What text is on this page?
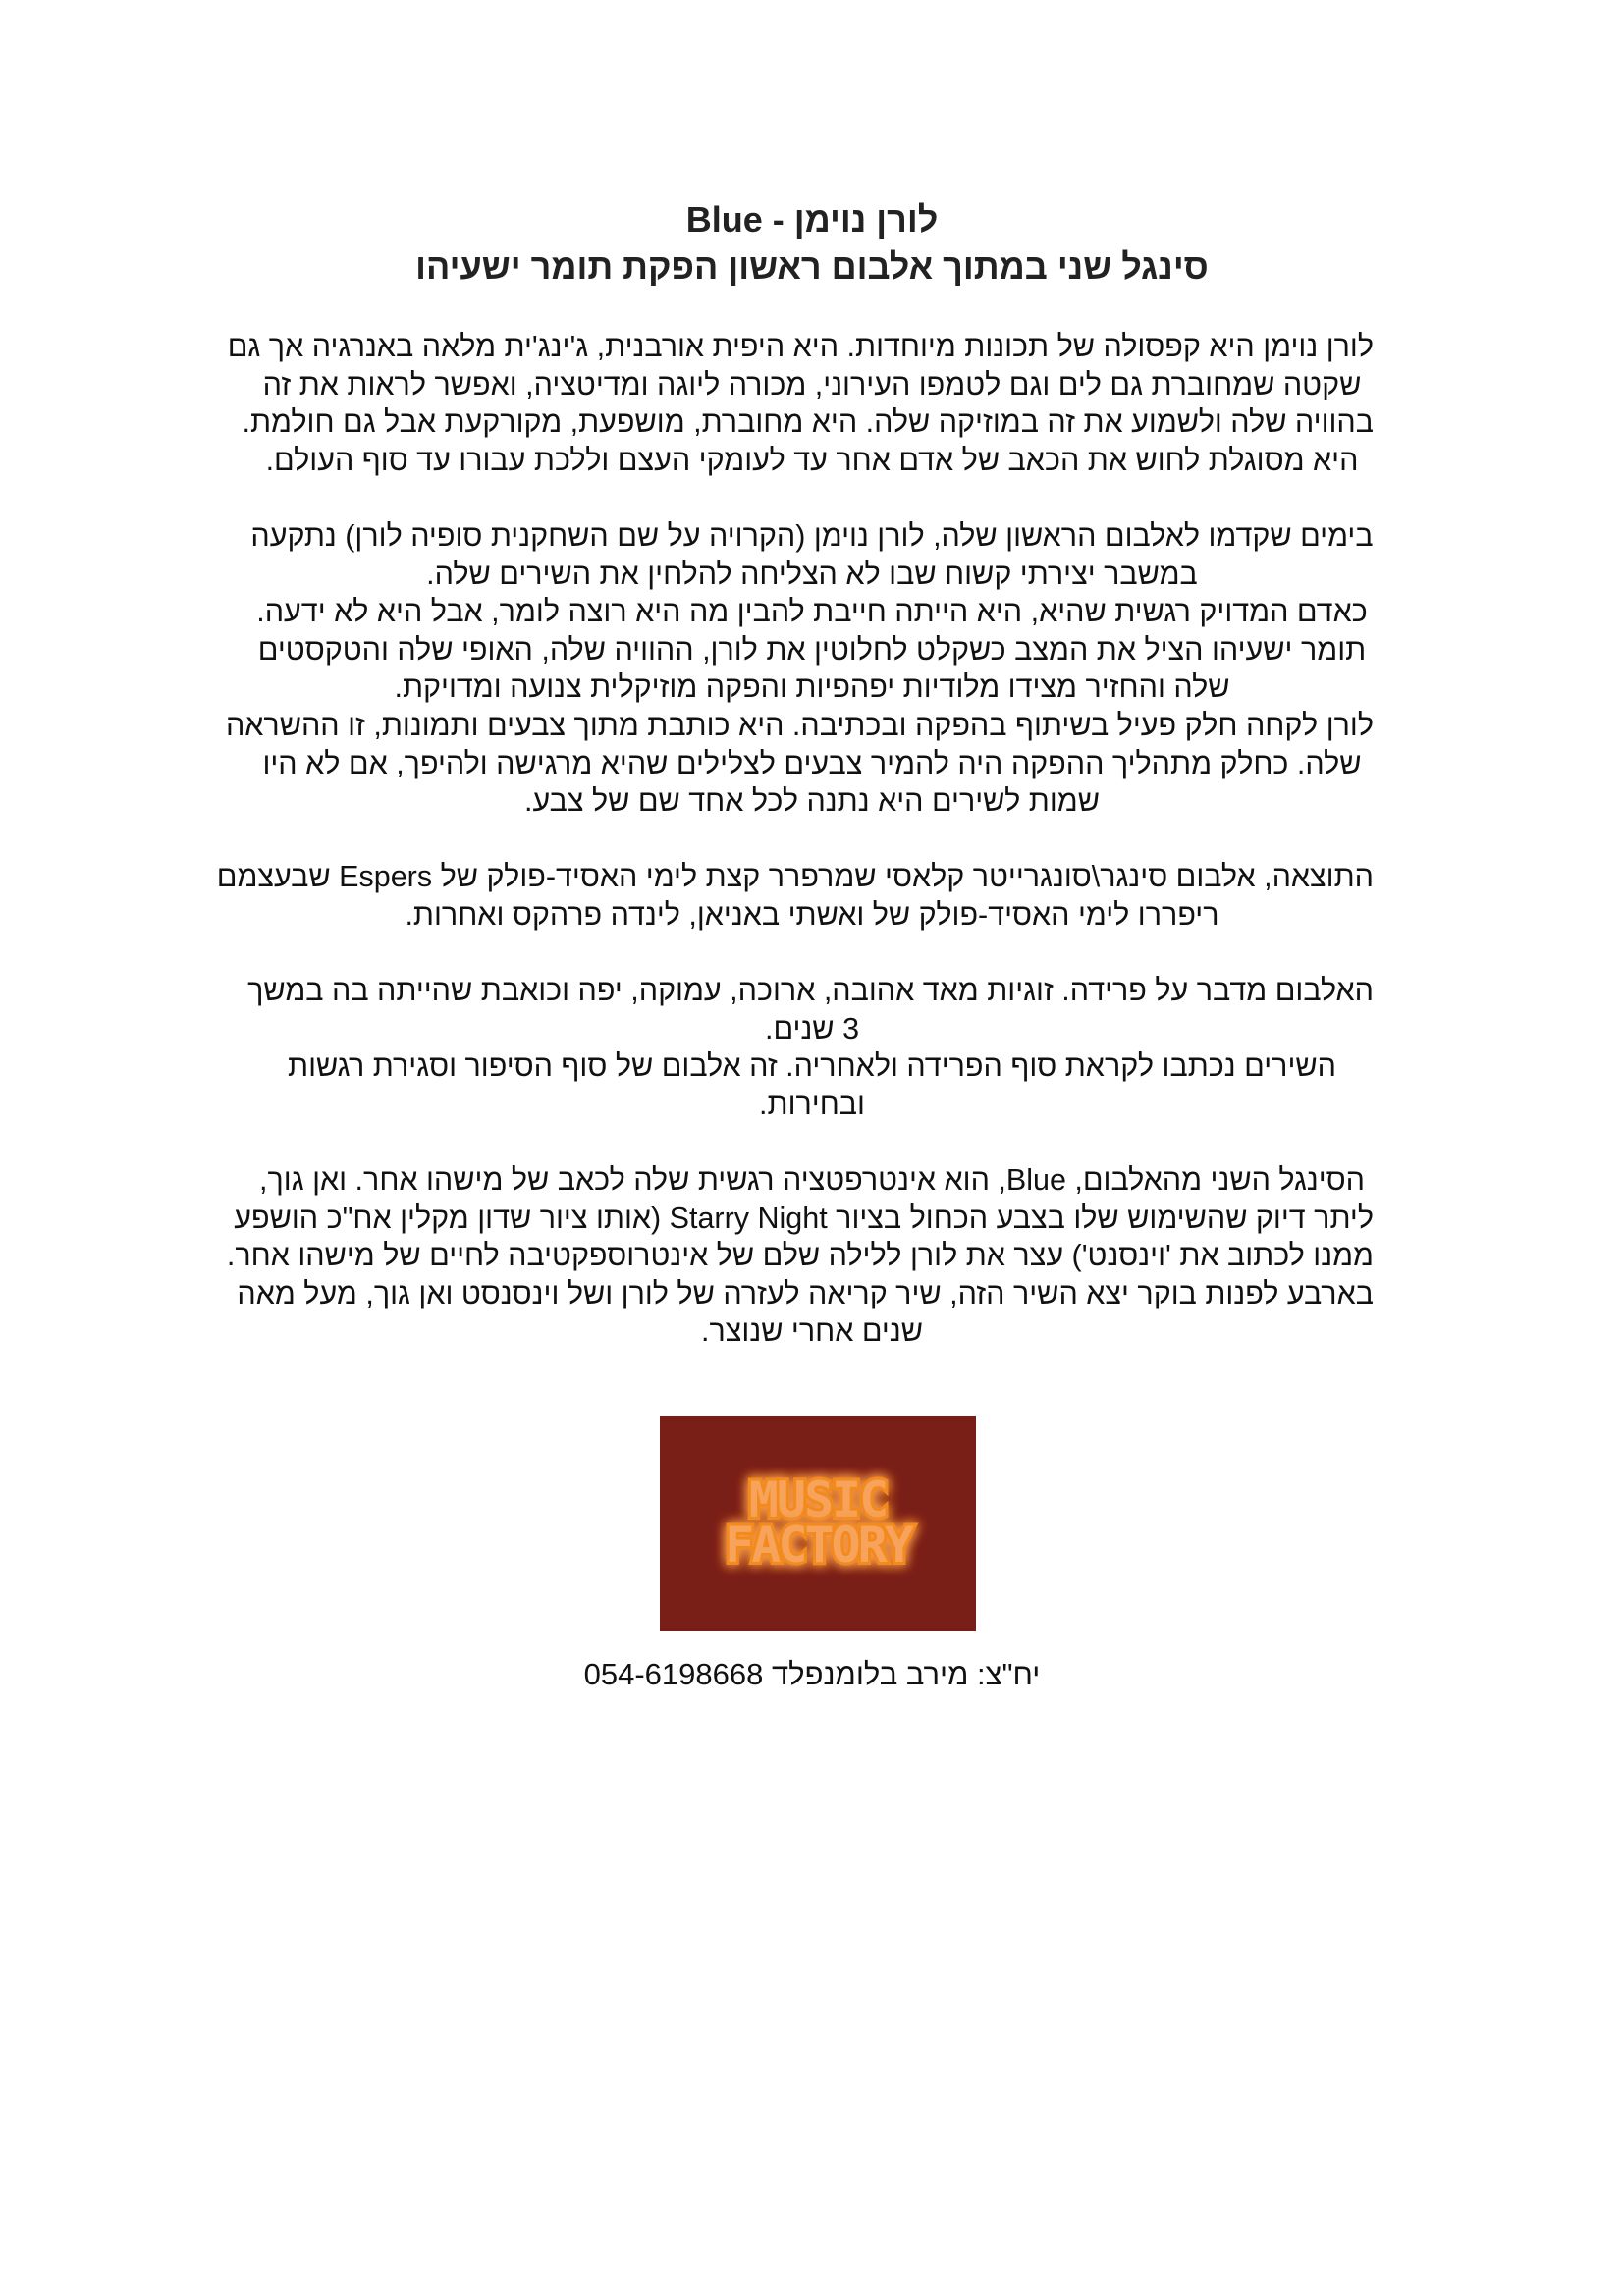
לורן נוימן - Blue
סינגל שני במתוך אלבום ראשון הפקת תומר ישעיהו
לורן נוימן היא קפסולה של תכונות מיוחדות. היא היפית אורבנית, ג'ינג'ית מלאה באנרגיה אך גם
שקטה שמחוברת גם לים וגם לטמפו העירוני, מכורה ליוגה ומדיטציה, ואפשר לראות את זה
בהוויה שלה ולשמוע את זה במוזיקה שלה. היא מחוברת, מושפעת, מקורקעת אבל גם חולמת.
היא מסוגלת לחוש את הכאב של אדם אחר עד לעומקי העצם וללכת עבורו עד סוף העולם.
בימים שקדמו לאלבום הראשון שלה, לורן נוימן (הקרויה על שם השחקנית סופיה לורן) נתקעה
במשבר יצירתי קשוח שבו לא הצליחה להלחין את השירים שלה.
כאדם המדויק רגשית שהיא, היא הייתה חייבת להבין מה היא רוצה לומר, אבל היא לא ידעה.
תומר ישעיהו הציל את המצב כשקלט לחלוטין את לורן, ההוויה שלה, האופי שלה והטקסטים
שלה והחזיר מצידו מלודיות יפהפיות והפקה מוזיקלית צנועה ומדויקת.
לורן לקחה חלק פעיל בשיתוף בהפקה ובכתיבה. היא כותבת מתוך צבעים ותמונות, זו ההשראה
שלה. כחלק מתהליך ההפקה היה להמיר צבעים לצלילים שהיא מרגישה ולהיפך, אם לא היו
שמות לשירים היא נתנה לכל אחד שם של צבע.
התוצאה, אלבום סינגר\סונגרייטר קלאסי שמרפרר קצת לימי האסיד-פולק של Espers שבעצמם
ריפררו לימי האסיד-פולק של ואשתי באניאן, לינדה פרהקס ואחרות.
האלבום מדבר על פרידה. זוגיות מאד אהובה, ארוכה, עמוקה, יפה וכואבת שהייתה בה במשך
3 שנים.
השירים נכתבו לקראת סוף הפרידה ולאחריה. זה אלבום של סוף הסיפור וסגירת רגשות
ובחירות.
הסינגל השני מהאלבום, Blue, הוא אינטרפטציה רגשית שלה לכאב של מישהו אחר. ואן גוך,
ליתר דיוק שהשימוש שלו בצבע הכחול בציור Starry Night (אותו ציור שדון מקלין אח"כ הושפע
ממנו לכתוב את 'וינסנט') עצר את לורן ללילה שלם של אינטרוספקטיבה לחיים של מישהו אחר.
בארבע לפנות בוקר יצא השיר הזה, שיר קריאה לעזרה של לורן ושל וינסנסט ואן גוך, מעל מאה
שנים אחרי שנוצר.
MUSIC
FACTORY
יח"צ: מירב בלומנפלד 054-6198668
